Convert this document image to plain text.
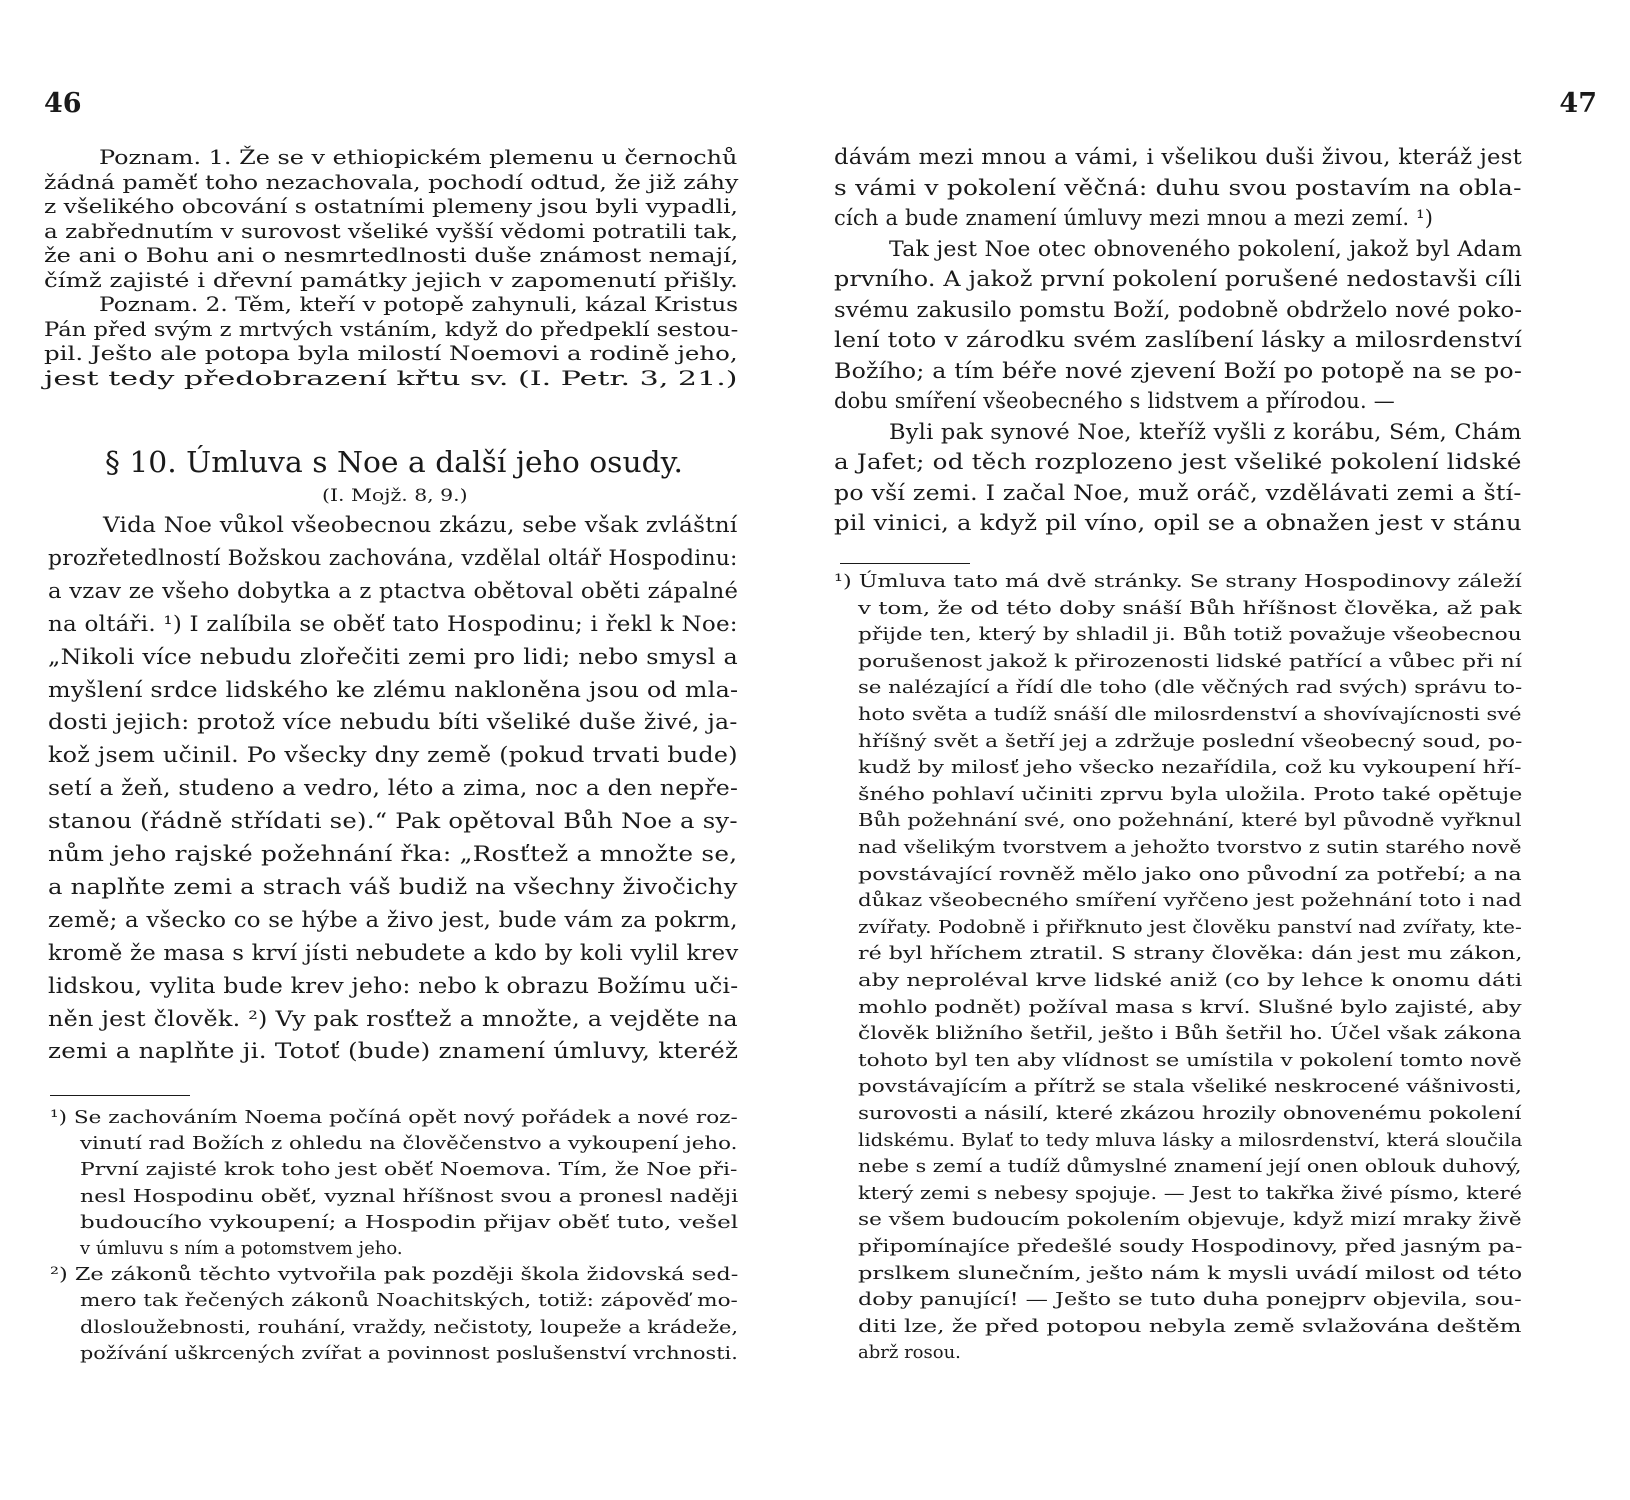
46
Poznam. 1. Že se v ethiopickém plemenu u černochů
žádná paměť toho nezachovala, pochodí odtud, že již záhy
z všelikého obcování s ostatními plemeny jsou byli vypadli,
a zabřednutím v surovost všeliké vyšší vědomi potratili tak,
že ani o Bohu ani o nesmrtedlnosti duše známost nemají,
čímž zajisté i dřevní památky jejich v zapomenutí přišly.
Poznam. 2. Těm, kteří v potopě zahynuli, kázal Kristus
Pán před svým z mrtvých vstáním, když do předpeklí sestou-
pil. Ješto ale potopa byla milostí Noemovi a rodině jeho,
jest tedy předobrazení křtu sv. (I. Petr. 3, 21.)
§ 10. Úmluva s Noe a další jeho osudy.
(I. Mojž. 8, 9.)
Vida Noe vůkol všeobecnou zkázu, sebe však zvláštní
prozřetedlností Božskou zachována, vzdělal oltář Hospodinu:
a vzav ze všeho dobytka a z ptactva obětoval oběti zápalné
na oltáři. ¹) I zalíbila se oběť tato Hospodinu; i řekl k Noe:
„Nikoli více nebudu zlořečiti zemi pro lidi; nebo smysl a
myšlení srdce lidského ke zlému nakloněna jsou od mla-
dosti jejich: protož více nebudu bíti všeliké duše živé, ja-
kož jsem učinil. Po všecky dny země (pokud trvati bude)
setí a žeň, studeno a vedro, léto a zima, noc a den nepře-
stanou (řádně střídati se).“ Pak opětoval Bůh Noe a sy-
nům jeho rajské požehnání řka: „Rosťtež a množte se,
a naplňte zemi a strach váš budiž na všechny živočichy
země; a všecko co se hýbe a živo jest, bude vám za pokrm,
kromě že masa s krví jísti nebudete a kdo by koli vylil krev
lidskou, vylita bude krev jeho: nebo k obrazu Božímu uči-
něn jest člověk. ²) Vy pak rosťtež a množte, a vejděte na
zemi a naplňte ji. Totoť (bude) znamení úmluvy, kteréž
¹) Se zachováním Noema počíná opět nový pořádek a nové roz-
vinutí rad Božích z ohledu na člověčenstvo a vykoupení jeho.
První zajisté krok toho jest oběť Noemova. Tím, že Noe při-
nesl Hospodinu oběť, vyznal hříšnost svou a pronesl naději
budoucího vykoupení; a Hospodin přijav oběť tuto, vešel
v úmluvu s ním a potomstvem jeho.
²) Ze zákonů těchto vytvořila pak později škola židovská sed-
mero tak řečených zákonů Noachitských, totiž: zápověď mo-
dlosloužebnosti, rouhání, vraždy, nečistoty, loupeže a krádeže,
požívání uškrcených zvířat a povinnost poslušenství vrchnosti.
47
dávám mezi mnou a vámi, i všelikou duši živou, kteráž jest
s vámi v pokolení věčná: duhu svou postavím na obla-
cích a bude znamení úmluvy mezi mnou a mezi zemí. ¹)
Tak jest Noe otec obnoveného pokolení, jakož byl Adam
prvního. A jakož první pokolení porušené nedostavši cíli
svému zakusilo pomstu Boží, podobně obdrželo nové poko-
lení toto v zárodku svém zaslíbení lásky a milosrdenství
Božího; a tím béře nové zjevení Boží po potopě na se po-
dobu smíření všeobecného s lidstvem a přírodou. —
Byli pak synové Noe, kteříž vyšli z korábu, Sém, Chám
a Jafet; od těch rozplozeno jest všeliké pokolení lidské
po vší zemi. I začal Noe, muž oráč, vzdělávati zemi a ští-
pil vinici, a když pil víno, opil se a obnažen jest v stánu
¹) Úmluva tato má dvě stránky. Se strany Hospodinovy záleží
v tom, že od této doby snáší Bůh hříšnost člověka, až pak
přijde ten, který by shladil ji. Bůh totiž považuje všeobecnou
porušenost jakož k přirozenosti lidské patřící a vůbec při ní
se nalézající a řídí dle toho (dle věčných rad svých) správu to-
hoto světa a tudíž snáší dle milosrdenství a shovívajícnosti své
hříšný svět a šetří jej a zdržuje poslední všeobecný soud, po-
kudž by milosť jeho všecko nezařídila, což ku vykoupení hří-
šného pohlaví učiniti zprvu byla uložila. Proto také opětuje
Bůh požehnání své, ono požehnání, které byl původně vyřknul
nad všelikým tvorstvem a jehožto tvorstvo z sutin starého nově
povstávající rovněž mělo jako ono původní za potřebí; a na
důkaz všeobecného smíření vyřčeno jest požehnání toto i nad
zvířaty. Podobně i přiřknuto jest člověku panství nad zvířaty, kte-
ré byl hříchem ztratil. S strany člověka: dán jest mu zákon,
aby neproléval krve lidské aniž (co by lehce k onomu dáti
mohlo podnět) požíval masa s krví. Slušné bylo zajisté, aby
člověk bližního šetřil, ješto i Bůh šetřil ho. Účel však zákona
tohoto byl ten aby vlídnost se umístila v pokolení tomto nově
povstávajícím a přítrž se stala všeliké neskrocené vášnivosti,
surovosti a násilí, které zkázou hrozily obnovenému pokolení
lidskému. Bylať to tedy mluva lásky a milosrdenství, která sloučila
nebe s zemí a tudíž důmyslné znamení její onen oblouk duhový,
který zemi s nebesy spojuje. — Jest to takřka živé písmo, které
se všem budoucím pokolením objevuje, když mizí mraky živě
připomínajíce předešlé soudy Hospodinovy, před jasným pa-
prslkem slunečním, ješto nám k mysli uvádí milost od této
doby panující! — Ješto se tuto duha ponejprv objevila, sou-
diti lze, že před potopou nebyla země svlažována deštěm
abrž rosou.
